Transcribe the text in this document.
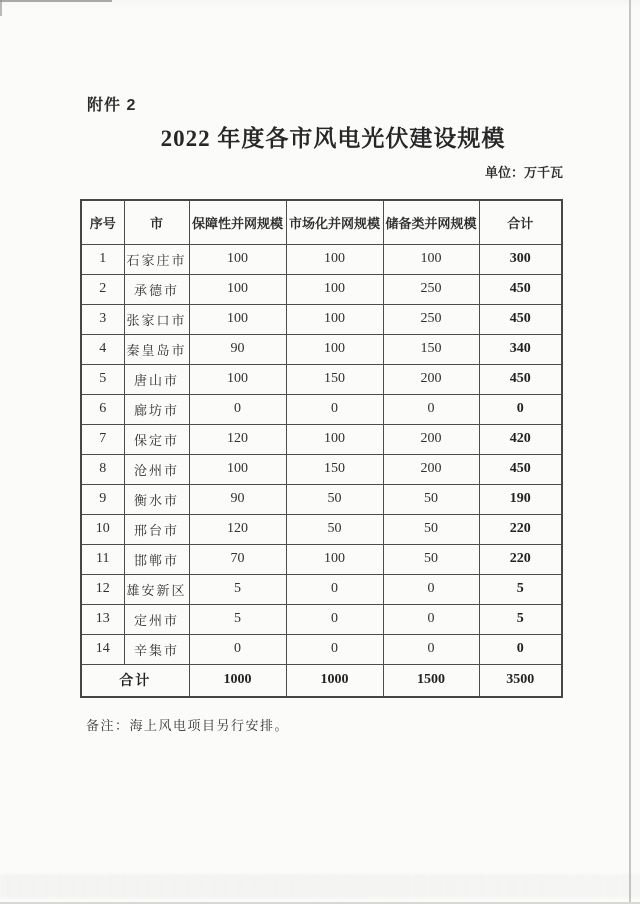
附件 2
2022 年度各市风电光伏建设规模
单位：万千瓦
序号	市	保障性并网规模	市场化并网规模	储备类并网规模	合计
1	石家庄市	100	100	100	300
2	承德市	100	100	250	450
3	张家口市	100	100	250	450
4	秦皇岛市	90	100	150	340
5	唐山市	100	150	200	450
6	廊坊市	0	0	0	0
7	保定市	120	100	200	420
8	沧州市	100	150	200	450
9	衡水市	90	50	50	190
10	邢台市	120	50	50	220
11	邯郸市	70	100	50	220
12	雄安新区	5	0	0	5
13	定州市	5	0	0	5
14	辛集市	0	0	0	0
合计		1000	1000	1500	3500
备注：海上风电项目另行安排。
